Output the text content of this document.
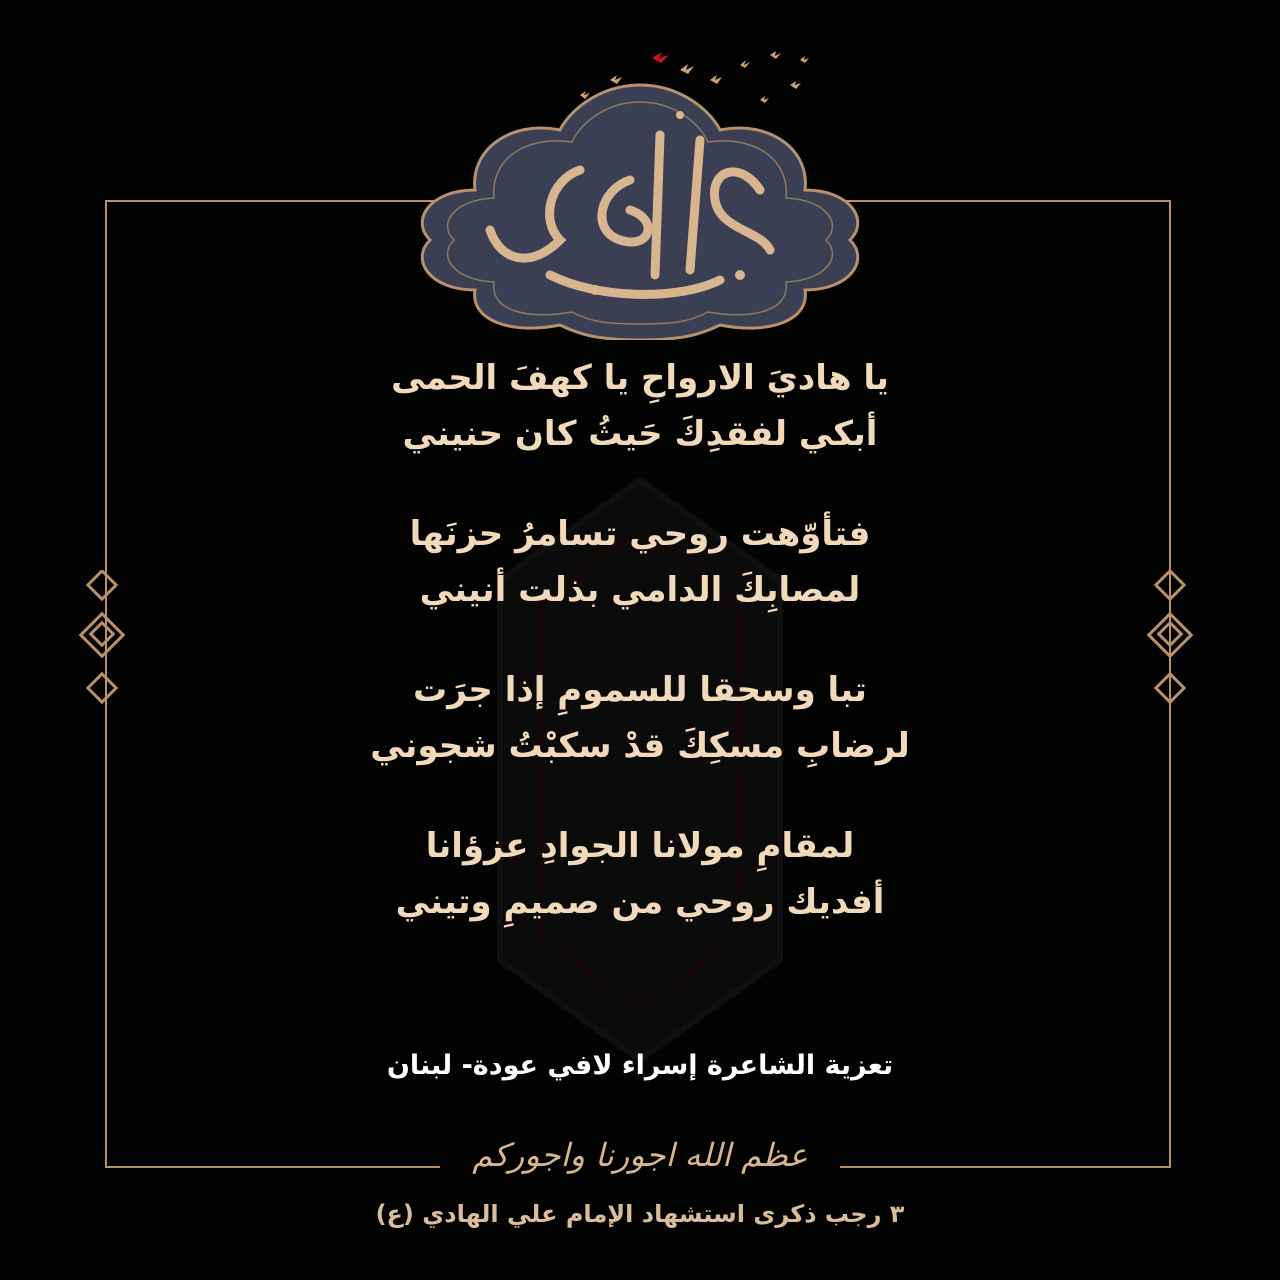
يا هاديَ الارواحِ يا كهفَ الحمى
أبكي لفقدِكَ حَيثُ كان حنيني
فتأوّهت روحي تسامرُ حزنَها
لمصابِكَ الدامي بذلت أنيني
تبا وسحقا للسمومِ إذا جرَت
لرضابِ مسكِكَ قدْ سكبْتُ شجوني
لمقامِ مولانا الجوادِ عزؤانا
أفديك روحي من صميمِ وتيني
تعزية الشاعرة إسراء لافي عودة- لبنان
عظم الله اجورنا واجوركم
٣ رجب ذكرى استشهاد الإمام علي الهادي (ع)
